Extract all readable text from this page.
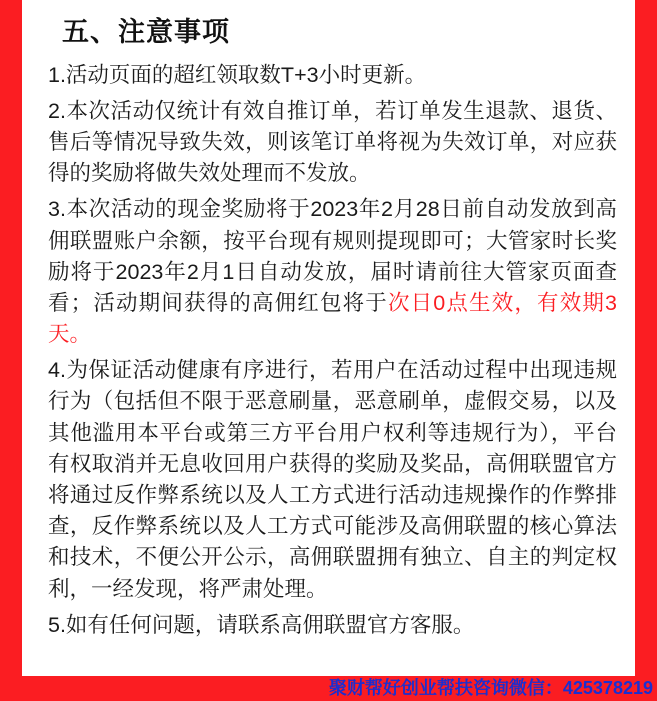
五、注意事项

1.活动页面的超红领取数T+3小时更新。

2.本次活动仅统计有效自推订单，若订单发生退款、退货、售后等情况导致失效，则该笔订单将视为失效订单，对应获得的奖励将做失效处理而不发放。

3.本次活动的现金奖励将于2023年2月28日前自动发放到高佣联盟账户余额，按平台现有规则提现即可；大管家时长奖励将于2023年2月1日自动发放，届时请前往大管家页面查看；活动期间获得的高佣红包将于次日0点生效，有效期3天。

4.为保证活动健康有序进行，若用户在活动过程中出现违规行为（包括但不限于恶意刷量，恶意刷单，虚假交易，以及其他滥用本平台或第三方平台用户权利等违规行为），平台有权取消并无息收回用户获得的奖励及奖品，高佣联盟官方将通过反作弊系统以及人工方式进行活动违规操作的作弊排查，反作弊系统以及人工方式可能涉及高佣联盟的核心算法和技术，不便公开公示，高佣联盟拥有独立、自主的判定权利，一经发现，将严肃处理。

5.如有任何问题，请联系高佣联盟官方客服。

聚财帮好创业帮扶咨询微信：425378219
